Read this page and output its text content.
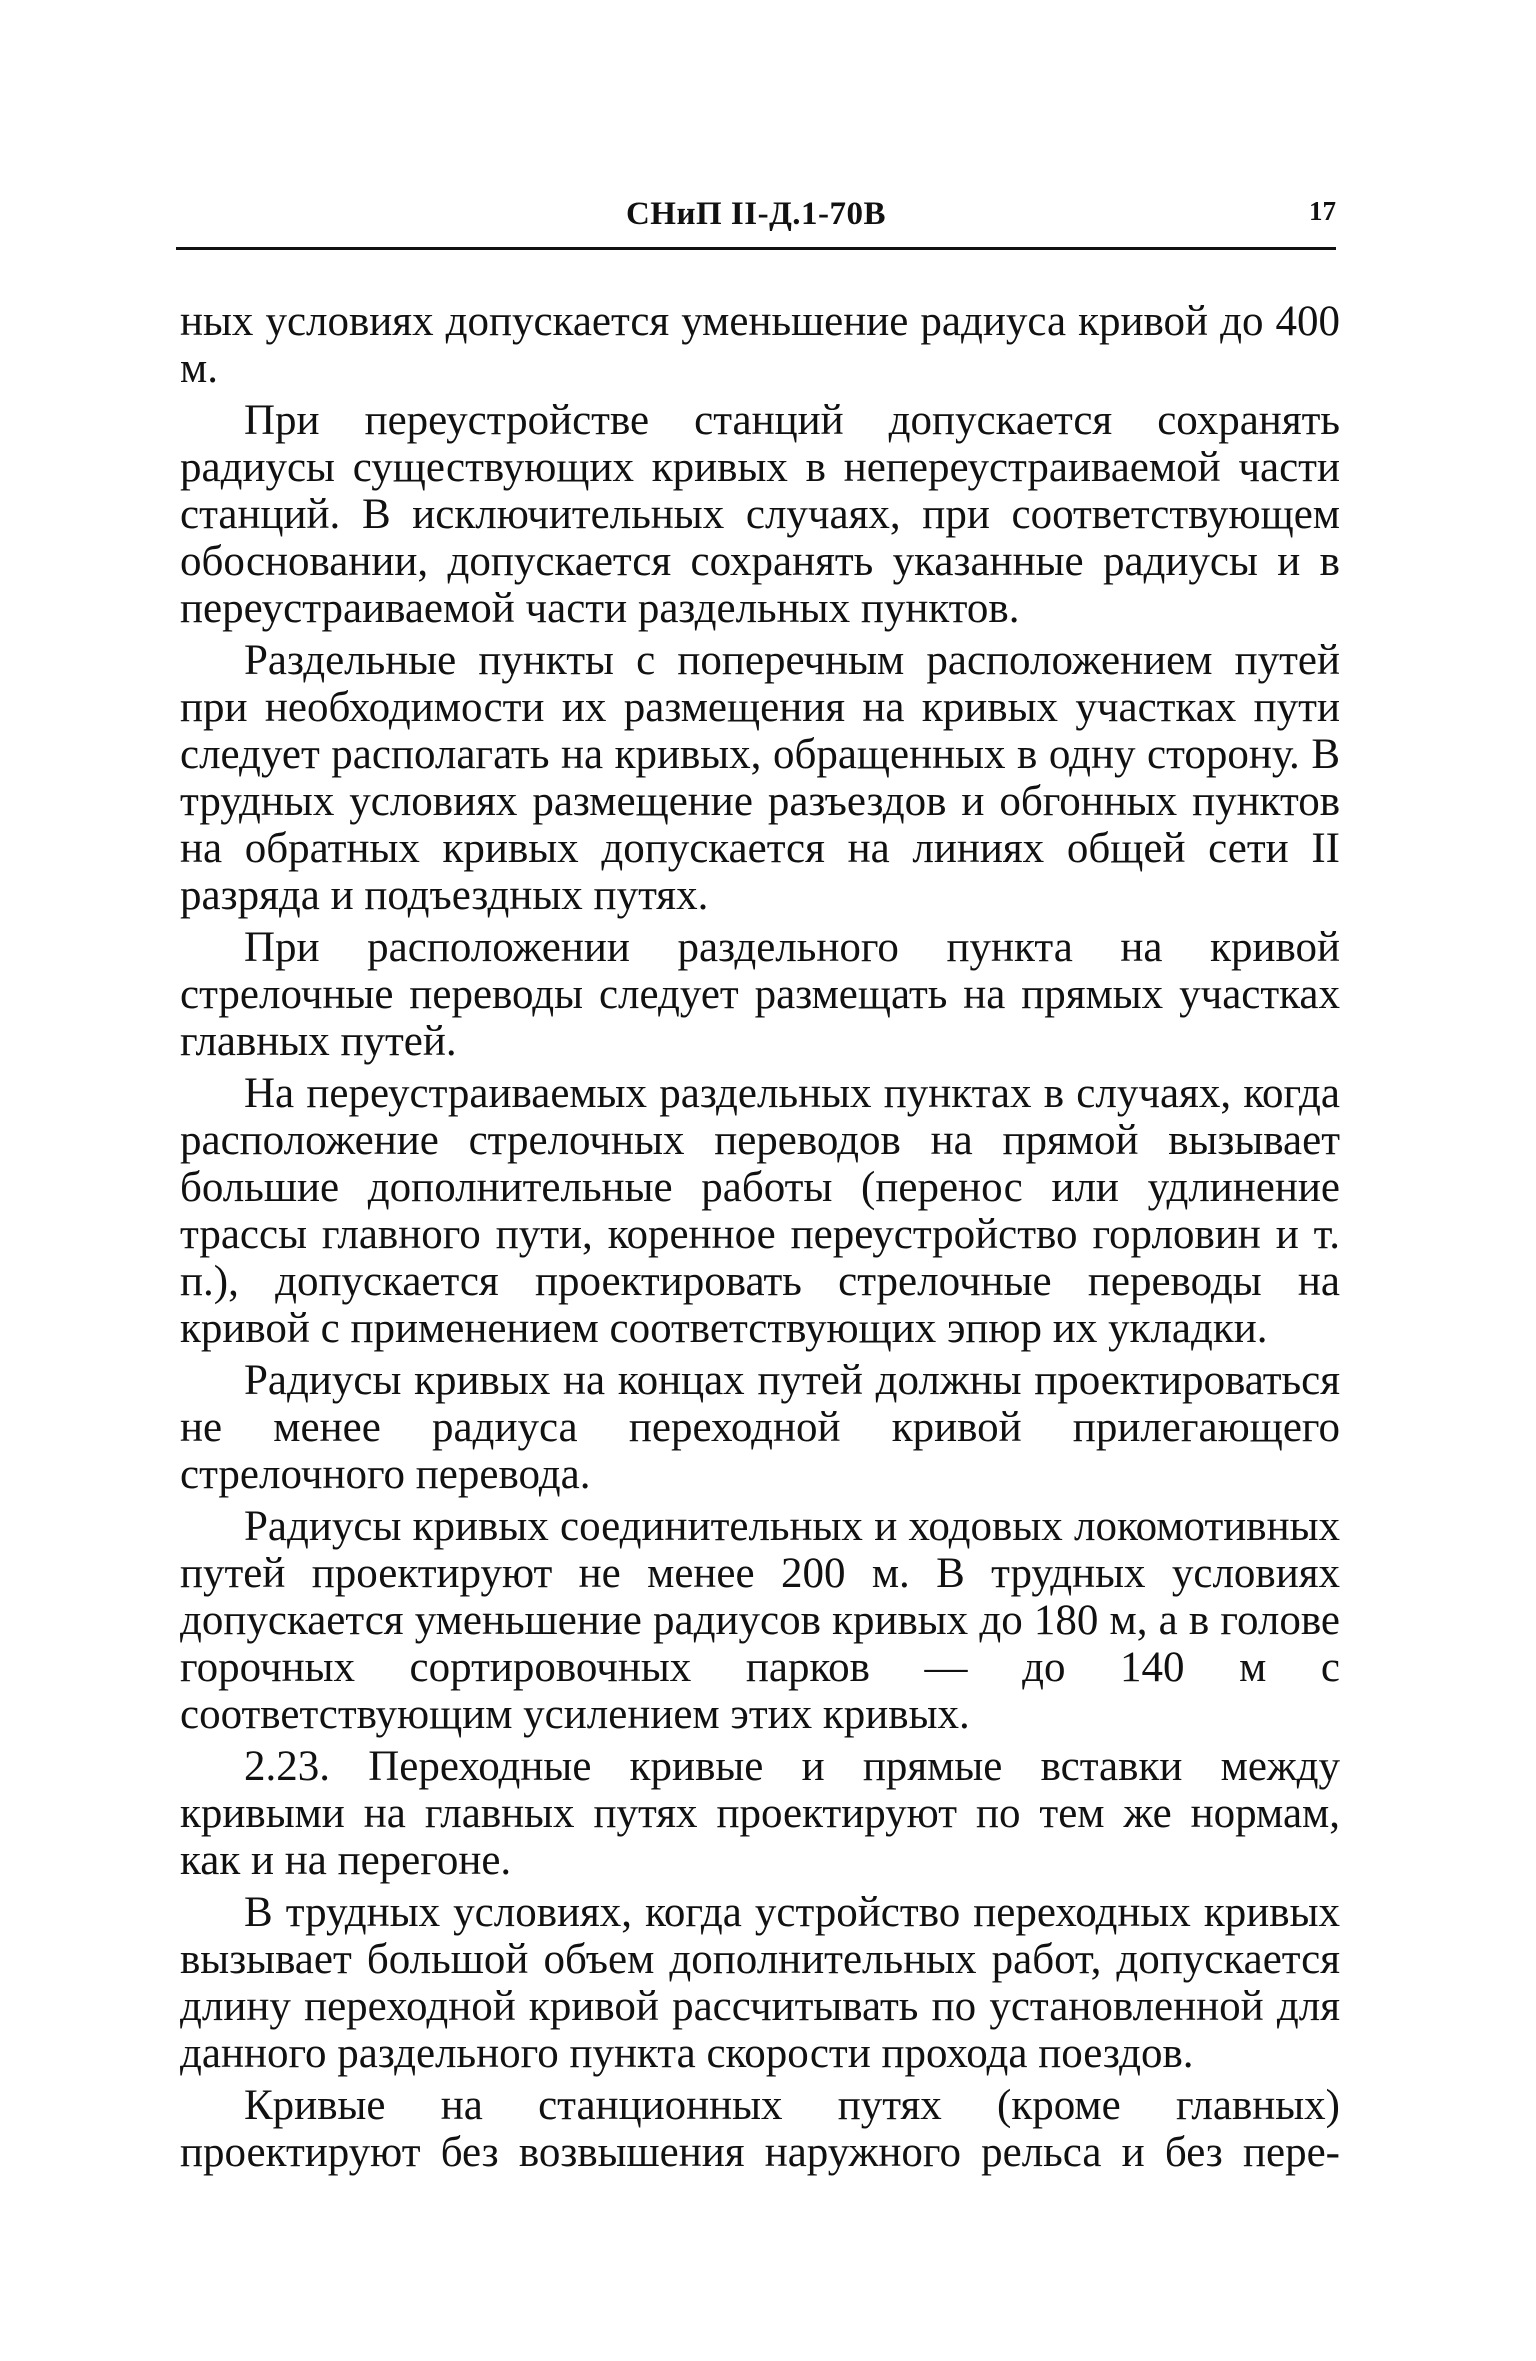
СНиП II-Д.1-70В	17

ных условиях допускается уменьшение радиуса кривой до 400 м.

При переустройстве станций допускается сохранять радиусы существующих кривых в непереустраиваемой части станций. В исключительных случаях, при соответствующем обосновании, допускается сохранять указанные радиусы и в переустраиваемой части раздельных пунктов.

Раздельные пункты с поперечным расположением путей при необходимости их размещения на кривых участках пути следует располагать на кривых, обращенных в одну сторону. В трудных условиях размещение разъездов и обгонных пунктов на обратных кривых допускается на линиях общей сети II разряда и подъездных путях.

При расположении раздельного пункта на кривой стрелочные переводы следует размещать на прямых участках главных путей.

На переустраиваемых раздельных пунктах в случаях, когда расположение стрелочных переводов на прямой вызывает большие дополнительные работы (перенос или удлинение трассы главного пути, коренное переустройство горловин и т. п.), допускается проектировать стрелочные переводы на кривой с применением соответствующих эпюр их укладки.

Радиусы кривых на концах путей должны проектироваться не менее радиуса переходной кривой прилегающего стрелочного перевода.

Радиусы кривых соединительных и ходовых локомотивных путей проектируют не менее 200 м. В трудных условиях допускается уменьшение радиусов кривых до 180 м, а в голове горочных сортировочных парков — до 140 м с соответствующим усилением этих кривых.

2.23. Переходные кривые и прямые вставки между кривыми на главных путях проектируют по тем же нормам, как и на перегоне.

В трудных условиях, когда устройство переходных кривых вызывает большой объем дополнительных работ, допускается длину переходной кривой рассчитывать по установленной для данного раздельного пункта скорости прохода поездов.

Кривые на станционных путях (кроме главных) проектируют без возвышения наружного рельса и без пере-
